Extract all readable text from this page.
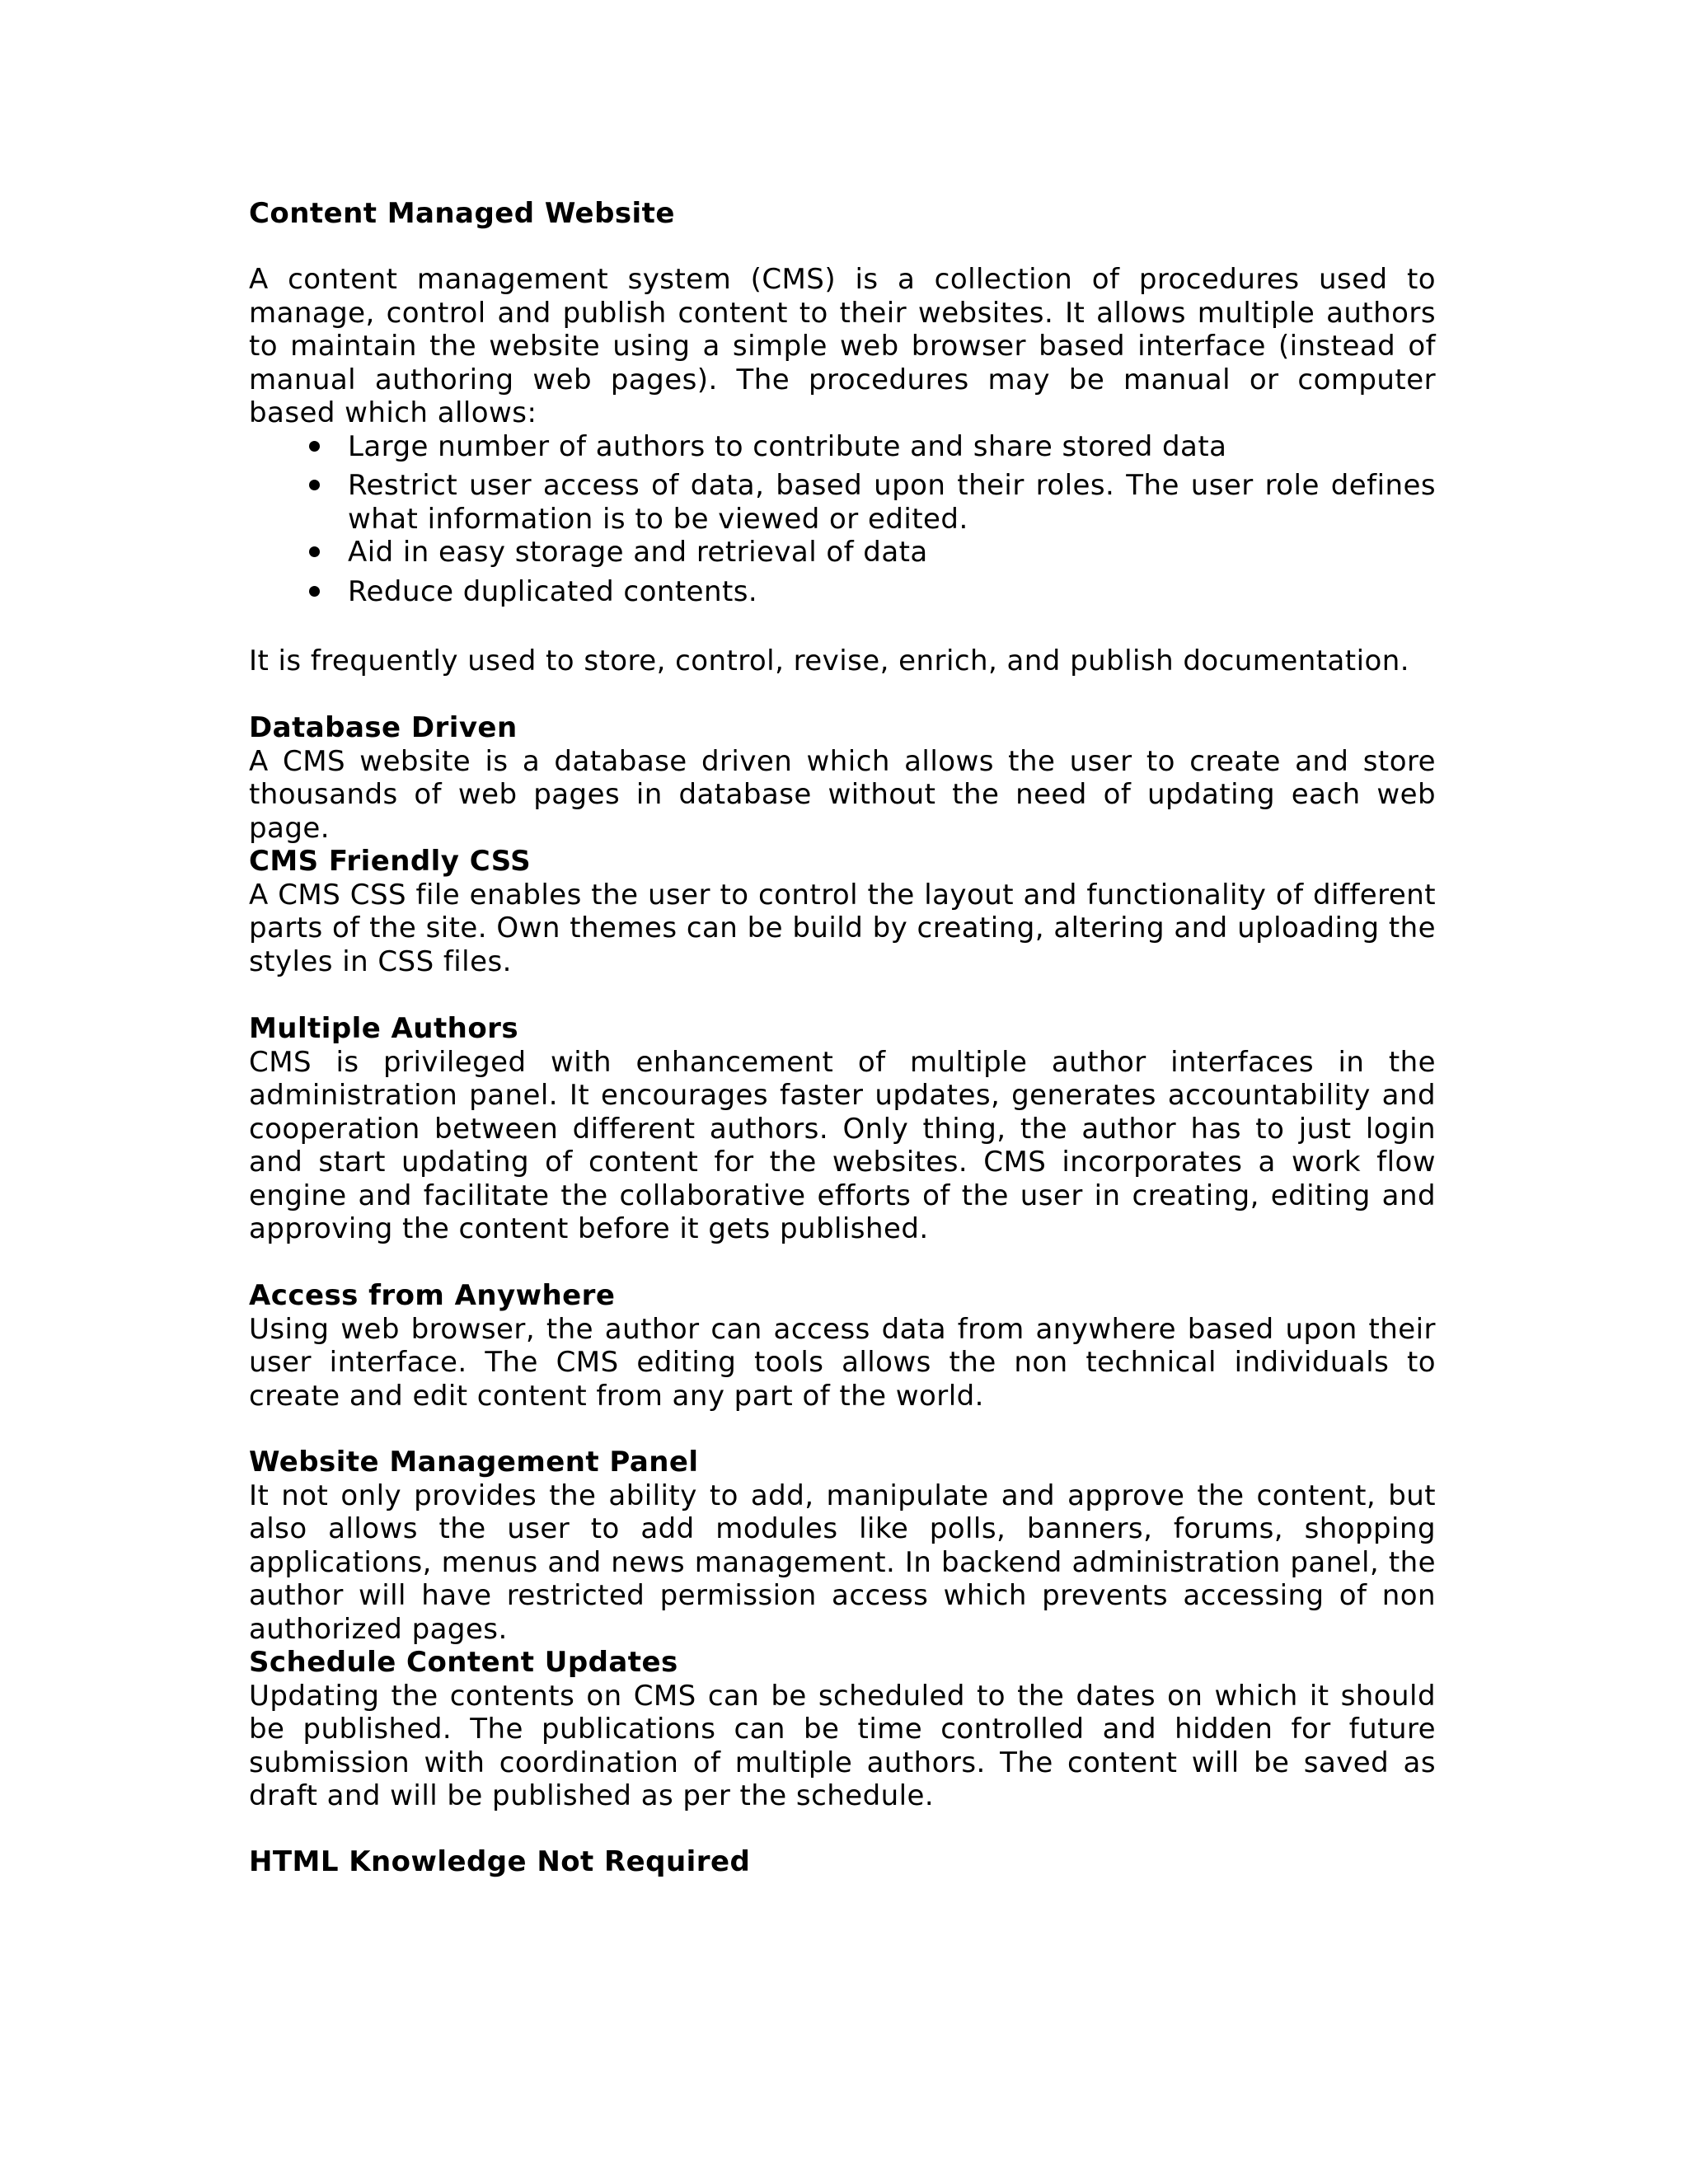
Content Managed Website

A content management system (CMS) is a collection of procedures used to manage, control and publish content to their websites. It allows multiple authors to maintain the website using a simple web browser based interface (instead of manual authoring web pages). The procedures may be manual or computer based which allows:

Large number of authors to contribute and share stored data
Restrict user access of data, based upon their roles. The user role defines what information is to be viewed or edited.
Aid in easy storage and retrieval of data
Reduce duplicated contents.

It is frequently used to store, control, revise, enrich, and publish documentation.

Database Driven

A CMS website is a database driven which allows the user to create and store thousands of web pages in database without the need of updating each web page.

CMS Friendly CSS

A CMS CSS file enables the user to control the layout and functionality of different parts of the site. Own themes can be build by creating, altering and uploading the styles in CSS files.

Multiple Authors

CMS is privileged with enhancement of multiple author interfaces in the administration panel. It encourages faster updates, generates accountability and cooperation between different authors. Only thing, the author has to just login and start updating of content for the websites. CMS incorporates a work flow engine and facilitate the collaborative efforts of the user in creating, editing and approving the content before it gets published.

Access from Anywhere

Using web browser, the author can access data from anywhere based upon their user interface. The CMS editing tools allows the non technical individuals to create and edit content from any part of the world.

Website Management Panel

It not only provides the ability to add, manipulate and approve the content, but also allows the user to add modules like polls, banners, forums, shopping applications, menus and news management. In backend administration panel, the author will have restricted permission access which prevents accessing of non authorized pages.

Schedule Content Updates

Updating the contents on CMS can be scheduled to the dates on which it should be published. The publications can be time controlled and hidden for future submission with coordination of multiple authors. The content will be saved as draft and will be published as per the schedule.

HTML Knowledge Not Required
